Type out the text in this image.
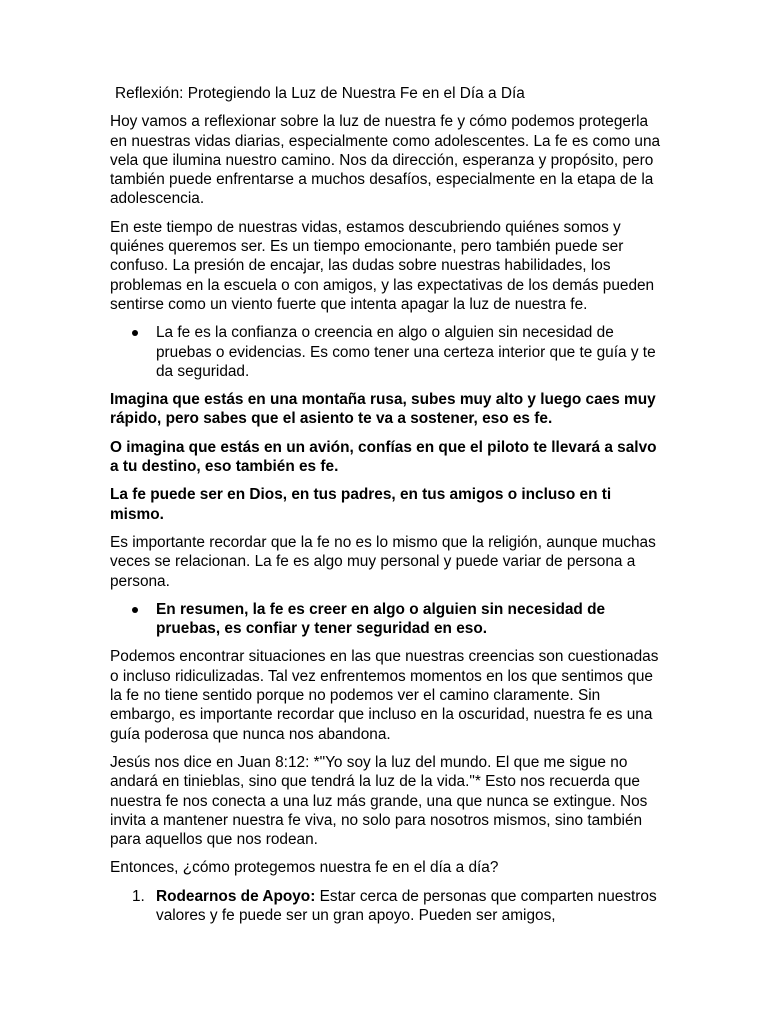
Reflexión: Protegiendo la Luz de Nuestra Fe en el Día a Día

Hoy vamos a reflexionar sobre la luz de nuestra fe y cómo podemos protegerla en nuestras vidas diarias, especialmente como adolescentes. La fe es como una vela que ilumina nuestro camino. Nos da dirección, esperanza y propósito, pero también puede enfrentarse a muchos desafíos, especialmente en la etapa de la adolescencia.

En este tiempo de nuestras vidas, estamos descubriendo quiénes somos y quiénes queremos ser. Es un tiempo emocionante, pero también puede ser confuso. La presión de encajar, las dudas sobre nuestras habilidades, los problemas en la escuela o con amigos, y las expectativas de los demás pueden sentirse como un viento fuerte que intenta apagar la luz de nuestra fe.

La fe es la confianza o creencia en algo o alguien sin necesidad de pruebas o evidencias. Es como tener una certeza interior que te guía y te da seguridad.

Imagina que estás en una montaña rusa, subes muy alto y luego caes muy rápido, pero sabes que el asiento te va a sostener, eso es fe.

O imagina que estás en un avión, confías en que el piloto te llevará a salvo a tu destino, eso también es fe.

La fe puede ser en Dios, en tus padres, en tus amigos o incluso en ti mismo.

Es importante recordar que la fe no es lo mismo que la religión, aunque muchas veces se relacionan. La fe es algo muy personal y puede variar de persona a persona.

En resumen, la fe es creer en algo o alguien sin necesidad de pruebas, es confiar y tener seguridad en eso.

Podemos encontrar situaciones en las que nuestras creencias son cuestionadas o incluso ridiculizadas. Tal vez enfrentemos momentos en los que sentimos que la fe no tiene sentido porque no podemos ver el camino claramente. Sin embargo, es importante recordar que incluso en la oscuridad, nuestra fe es una guía poderosa que nunca nos abandona.

Jesús nos dice en Juan 8:12: *"Yo soy la luz del mundo. El que me sigue no andará en tinieblas, sino que tendrá la luz de la vida."* Esto nos recuerda que nuestra fe nos conecta a una luz más grande, una que nunca se extingue. Nos invita a mantener nuestra fe viva, no solo para nosotros mismos, sino también para aquellos que nos rodean.

Entonces, ¿cómo protegemos nuestra fe en el día a día?

1. Rodearnos de Apoyo: Estar cerca de personas que comparten nuestros valores y fe puede ser un gran apoyo. Pueden ser amigos,
